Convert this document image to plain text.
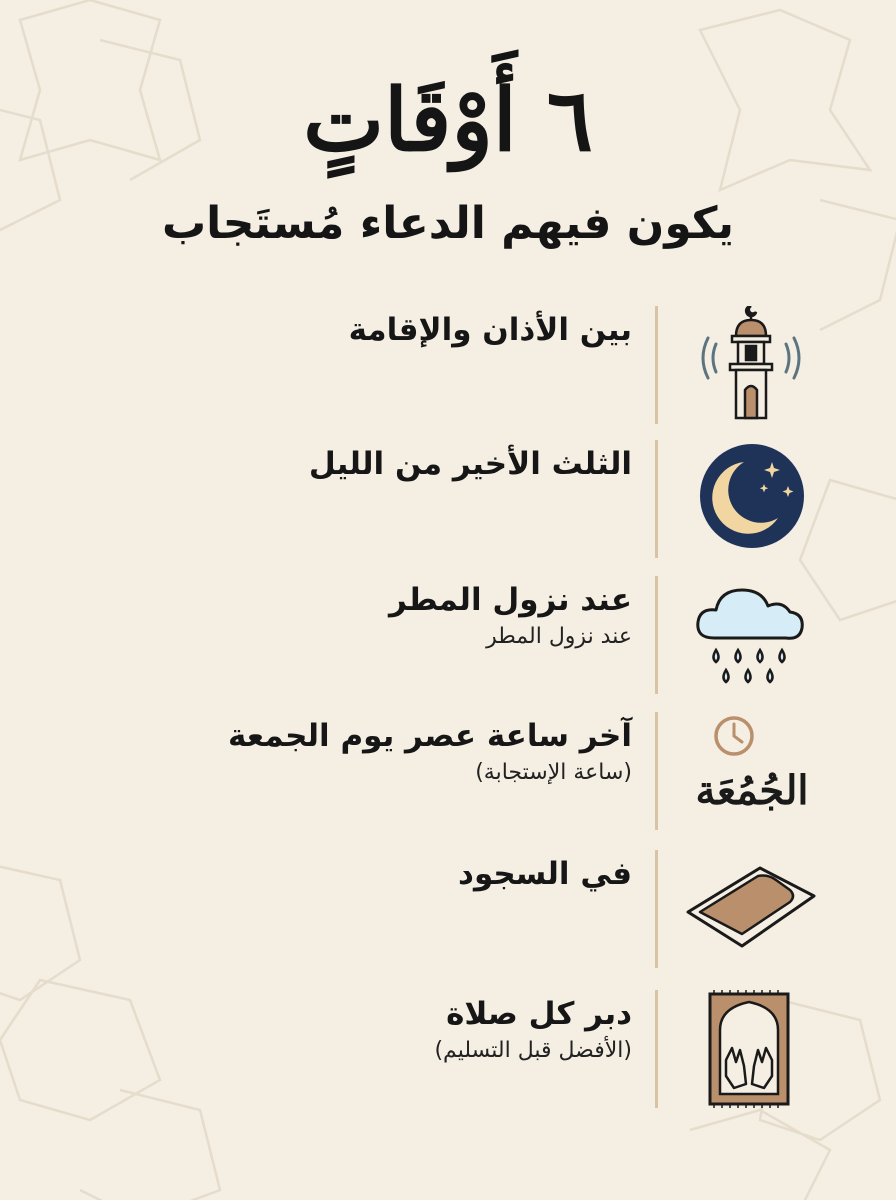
٦ أَوْقَاتٍ
يكون فيهم الدعاء مُستَجاب
بين الأذان والإقامة
الثلث الأخير من الليل
عند نزول المطر
عند نزول المطر
الجُمُعَة
آخر ساعة عصر يوم الجمعة
(ساعة الإستجابة)
في السجود
دبر كل صلاة
(الأفضل قبل التسليم)
